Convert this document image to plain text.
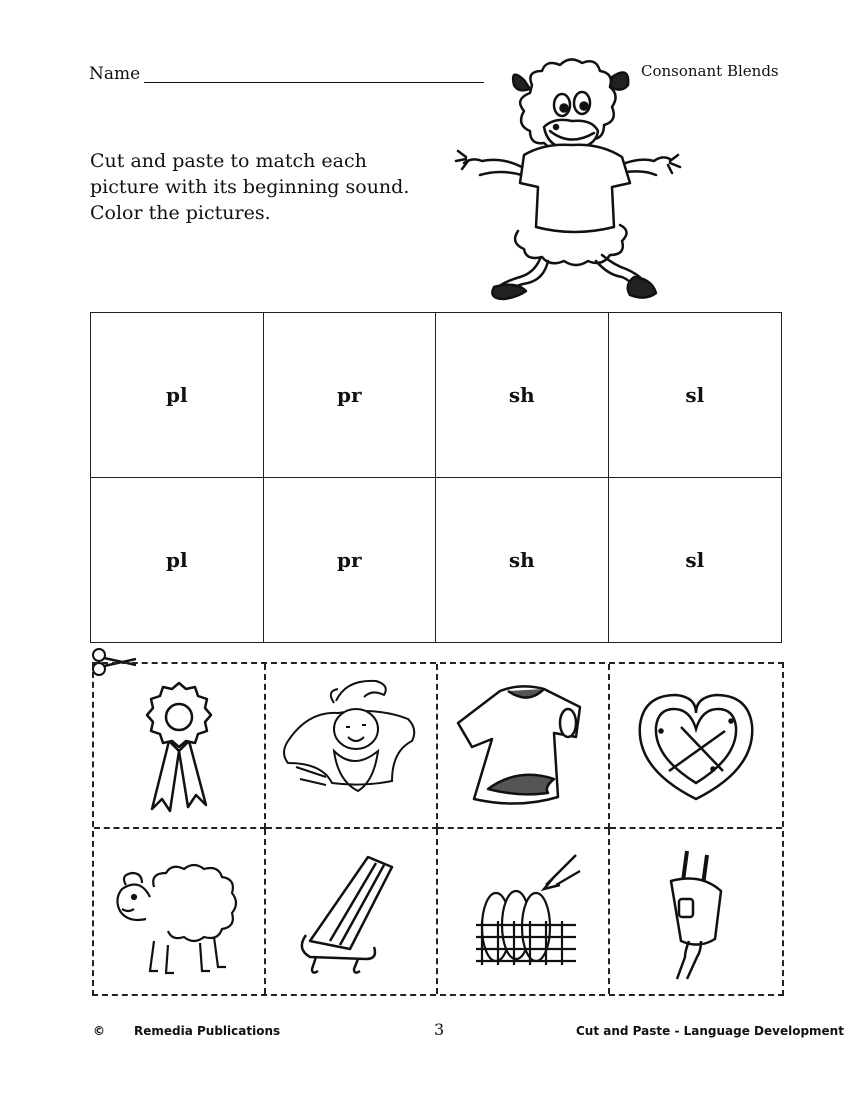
Name	Consonant Blends
Cut and paste to match each
picture with its beginning sound.
Color the pictures.
pl	pr	sh	sl
pl	pr	sh	sl
© Remedia Publications	3	Cut and Paste - Language Development
